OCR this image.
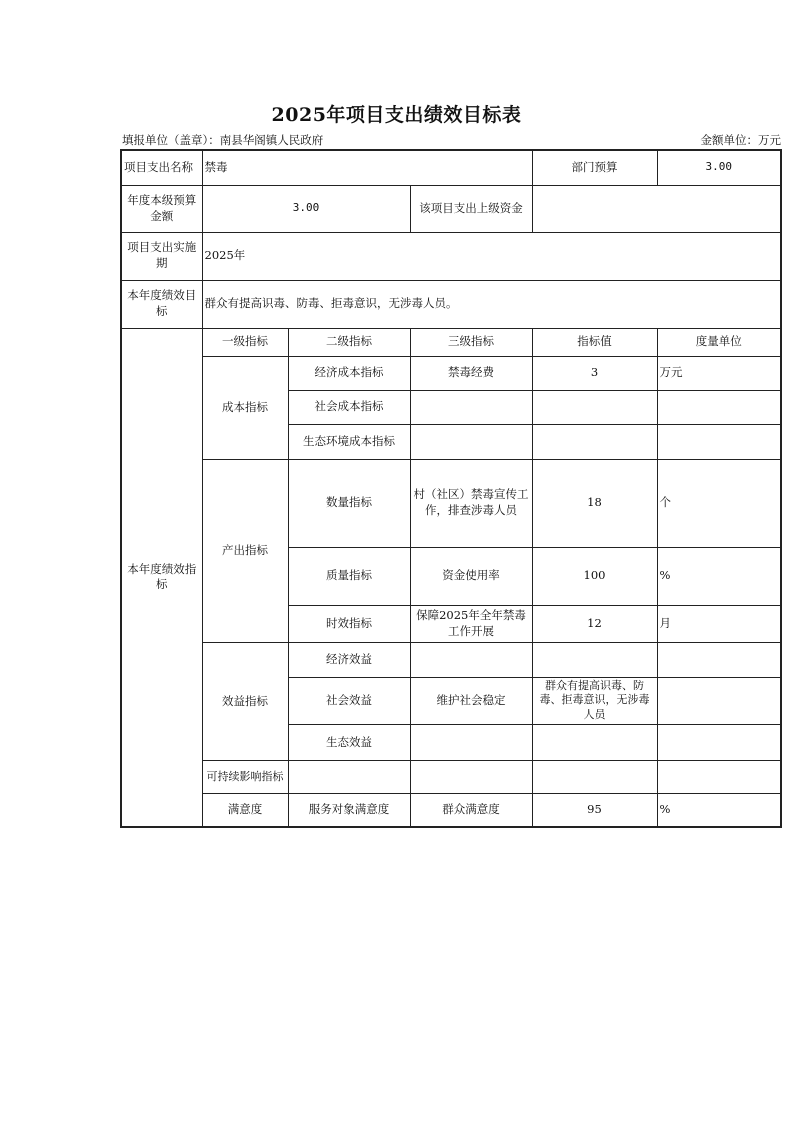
2025年项目支出绩效目标表
填报单位（盖章）：南县华阁镇人民政府	金额单位：万元
项目支出名称	禁毒			部门预算	3.00
年度本级预算金额	3.00		该项目支出上级资金		
项目支出实施期	2025年				
本年度绩效目标	群众有提高识毒、防毒、拒毒意识，无涉毒人员。				
本年度绩效指标	一级指标	二级指标	三级指标	指标值	度量单位
	成本指标	经济成本指标	禁毒经费	3	万元
		社会成本指标			
		生态环境成本指标			
	产出指标	数量指标	村（社区）禁毒宣传工作，排查涉毒人员	18	个
		质量指标	资金使用率	100	%
		时效指标	保障2025年全年禁毒工作开展	12	月
	效益指标	经济效益			
		社会效益	维护社会稳定	群众有提高识毒、防毒、拒毒意识，无涉毒人员	
		生态效益			
	可持续影响指标				
	满意度	服务对象满意度	群众满意度	95	%
